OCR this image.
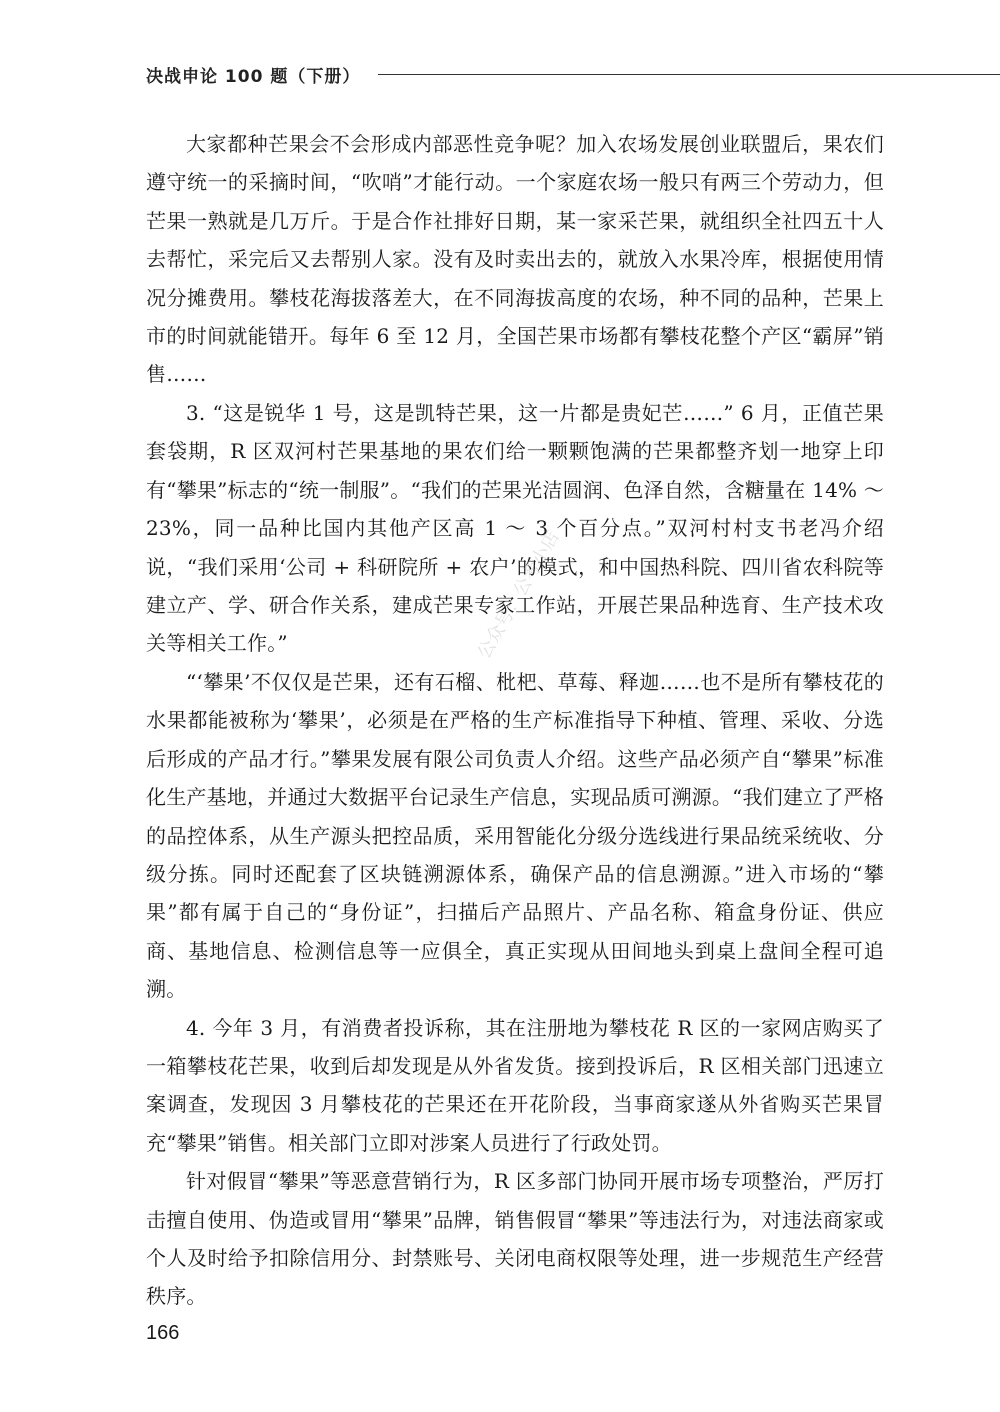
决战申论 100 题（下册）

大家都种芒果会不会形成内部恶性竞争呢？加入农场发展创业联盟后，果农们遵守统一的采摘时间，“吹哨”才能行动。一个家庭农场一般只有两三个劳动力，但芒果一熟就是几万斤。于是合作社排好日期，某一家采芒果，就组织全社四五十人去帮忙，采完后又去帮别人家。没有及时卖出去的，就放入水果冷库，根据使用情况分摊费用。攀枝花海拔落差大，在不同海拔高度的农场，种不同的品种，芒果上市的时间就能错开。每年 6 至 12 月，全国芒果市场都有攀枝花整个产区“霸屏”销售……

3. “这是锐华 1 号，这是凯特芒果，这一片都是贵妃芒……” 6 月，正值芒果套袋期，R 区双河村芒果基地的果农们给一颗颗饱满的芒果都整齐划一地穿上印有“攀果”标志的“统一制服”。“我们的芒果光洁圆润、色泽自然，含糖量在 14% ～ 23%，同一品种比国内其他产区高 1 ～ 3 个百分点。”双河村村支书老冯介绍说，“我们采用‘公司 + 科研院所 + 农户’的模式，和中国热科院、四川省农科院等建立产、学、研合作关系，建成芒果专家工作站，开展芒果品种选育、生产技术攻关等相关工作。”

“‘攀果’不仅仅是芒果，还有石榴、枇杷、草莓、释迦……也不是所有攀枝花的水果都能被称为‘攀果’，必须是在严格的生产标准指导下种植、管理、采收、分选后形成的产品才行。”攀果发展有限公司负责人介绍。这些产品必须产自“攀果”标准化生产基地，并通过大数据平台记录生产信息，实现品质可溯源。“我们建立了严格的品控体系，从生产源头把控品质，采用智能化分级分选线进行果品统采统收、分级分拣。同时还配套了区块链溯源体系，确保产品的信息溯源。”进入市场的“攀果”都有属于自己的“身份证”，扫描后产品照片、产品名称、箱盒身份证、供应商、基地信息、检测信息等一应俱全，真正实现从田间地头到桌上盘间全程可追溯。

4. 今年 3 月，有消费者投诉称，其在注册地为攀枝花 R 区的一家网店购买了一箱攀枝花芒果，收到后却发现是从外省发货。接到投诉后，R 区相关部门迅速立案调查，发现因 3 月攀枝花的芒果还在开花阶段，当事商家遂从外省购买芒果冒充“攀果”销售。相关部门立即对涉案人员进行了行政处罚。

针对假冒“攀果”等恶意营销行为，R 区多部门协同开展市场专项整治，严厉打击擅自使用、伪造或冒用“攀果”品牌，销售假冒“攀果”等违法行为，对违法商家或个人及时给予扣除信用分、封禁账号、关闭电商权限等处理，进一步规范生产经营秩序。

公众号：公考小店
166
